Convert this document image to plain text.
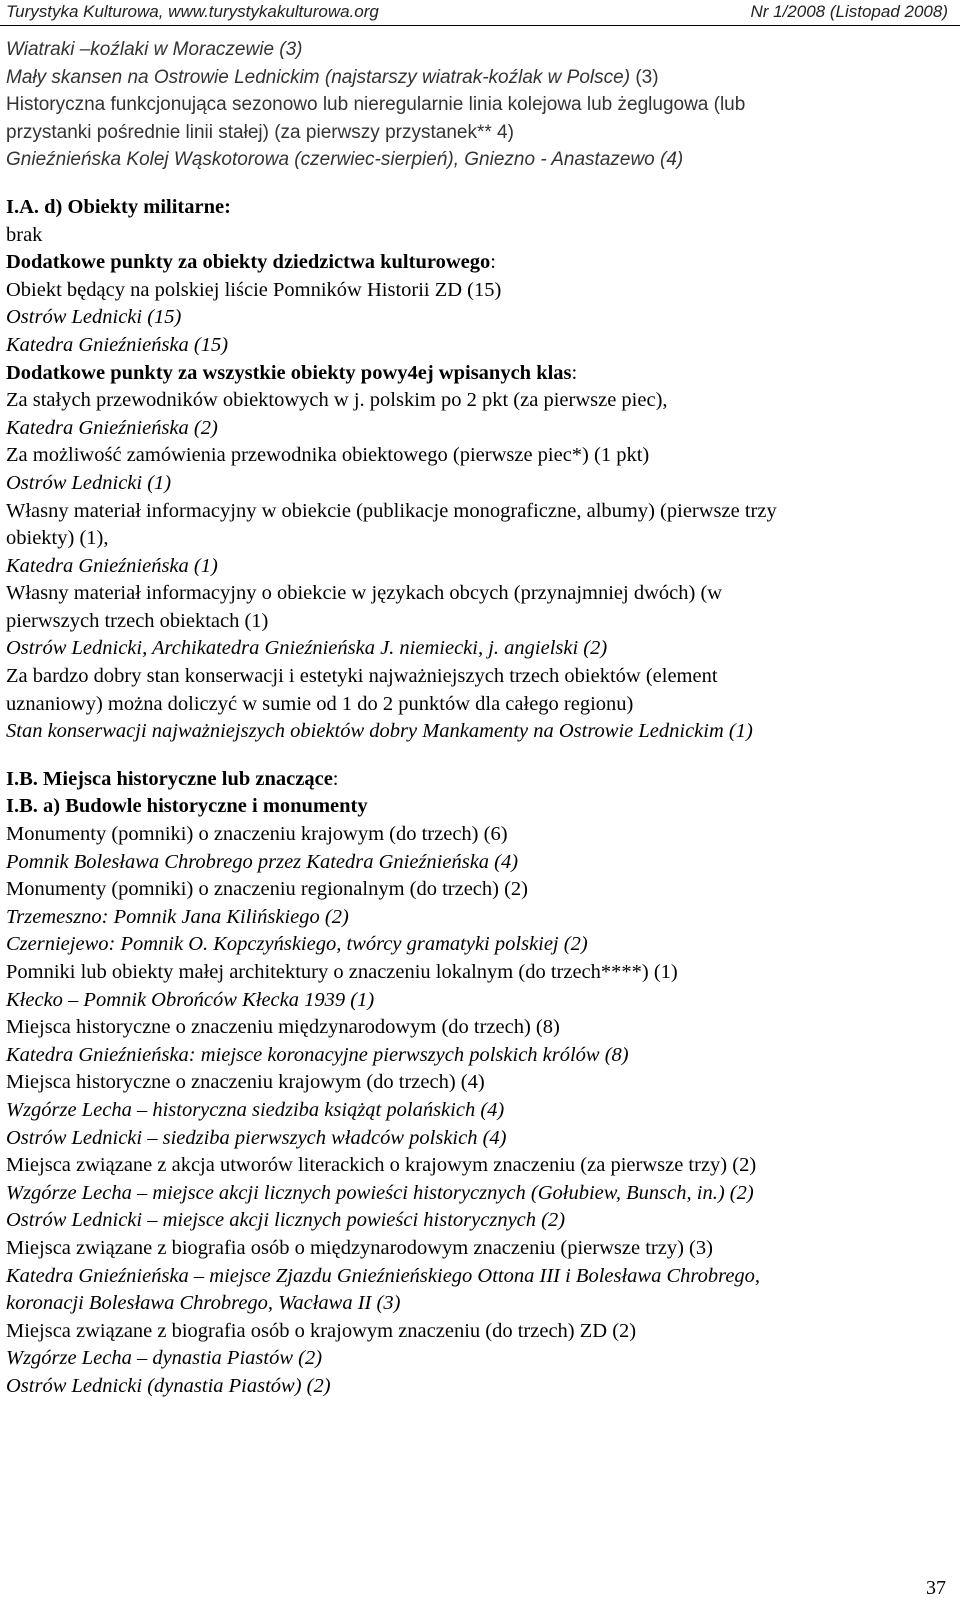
Turystyka Kulturowa, www.turystykakulturowa.org	Nr 1/2008 (Listopad 2008)
Wiatraki –koźlaki w Moraczewie (3)
Mały skansen na Ostrowie Lednickim (najstarszy wiatrak-koźlak w Polsce) (3)
Historyczna funkcjonująca sezonowo lub nieregularnie linia kolejowa lub żeglugowa (lub
przystanki pośrednie linii stałej) (za pierwszy przystanek** 4)
Gnieźnieńska Kolej Wąskotorowa (czerwiec-sierpień), Gniezno - Anastazewo (4)
I.A. d) Obiekty militarne:
brak
Dodatkowe punkty za obiekty dziedzictwa kulturowego:
Obiekt będący na polskiej liście Pomników Historii ZD (15)
Ostrów Lednicki (15)
Katedra Gnieźnieńska (15)
Dodatkowe punkty za wszystkie obiekty powy4ej wpisanych klas:
Za stałych przewodników obiektowych w j. polskim po 2 pkt (za pierwsze piec),
Katedra Gnieźnieńska (2)
Za możliwość zamówienia przewodnika obiektowego (pierwsze piec*) (1 pkt)
Ostrów Lednicki (1)
Własny materiał informacyjny w obiekcie (publikacje monograficzne, albumy) (pierwsze trzy
obiekty) (1),
Katedra Gnieźnieńska (1)
Własny materiał informacyjny o obiekcie w językach obcych (przynajmniej dwóch) (w
pierwszych trzech obiektach (1)
Ostrów Lednicki, Archikatedra Gnieźnieńska J. niemiecki, j. angielski (2)
Za bardzo dobry stan konserwacji i estetyki najważniejszych trzech obiektów (element
uznaniowy) można doliczyć w sumie od 1 do 2 punktów dla całego regionu)
Stan konserwacji najważniejszych obiektów dobry Mankamenty na Ostrowie Lednickim (1)
I.B. Miejsca historyczne lub znaczące:
I.B. a) Budowle historyczne i monumenty
Monumenty (pomniki) o znaczeniu krajowym (do trzech) (6)
Pomnik Bolesława Chrobrego przez Katedra Gnieźnieńska (4)
Monumenty (pomniki) o znaczeniu regionalnym (do trzech) (2)
Trzemeszno: Pomnik Jana Kilińskiego (2)
Czerniejewo: Pomnik O. Kopczyńskiego, twórcy gramatyki polskiej (2)
Pomniki lub obiekty małej architektury o znaczeniu lokalnym (do trzech****) (1)
Kłecko – Pomnik Obrońców Kłecka 1939 (1)
Miejsca historyczne o znaczeniu międzynarodowym (do trzech) (8)
Katedra Gnieźnieńska: miejsce koronacyjne pierwszych polskich królów (8)
Miejsca historyczne o znaczeniu krajowym (do trzech) (4)
Wzgórze Lecha – historyczna siedziba książąt polańskich (4)
Ostrów Lednicki – siedziba pierwszych władców polskich (4)
Miejsca związane z akcja utworów literackich o krajowym znaczeniu (za pierwsze trzy) (2)
Wzgórze Lecha – miejsce akcji licznych powieści historycznych (Gołubiew, Bunsch, in.) (2)
Ostrów Lednicki – miejsce akcji licznych powieści historycznych (2)
Miejsca związane z biografia osób o międzynarodowym znaczeniu (pierwsze trzy) (3)
Katedra Gnieźnieńska – miejsce Zjazdu Gnieźnieńskiego Ottona III i Bolesława Chrobrego,
koronacji Bolesława Chrobrego, Wacława II (3)
Miejsca związane z biografia osób o krajowym znaczeniu (do trzech) ZD (2)
Wzgórze Lecha – dynastia Piastów (2)
Ostrów Lednicki (dynastia Piastów) (2)
37
